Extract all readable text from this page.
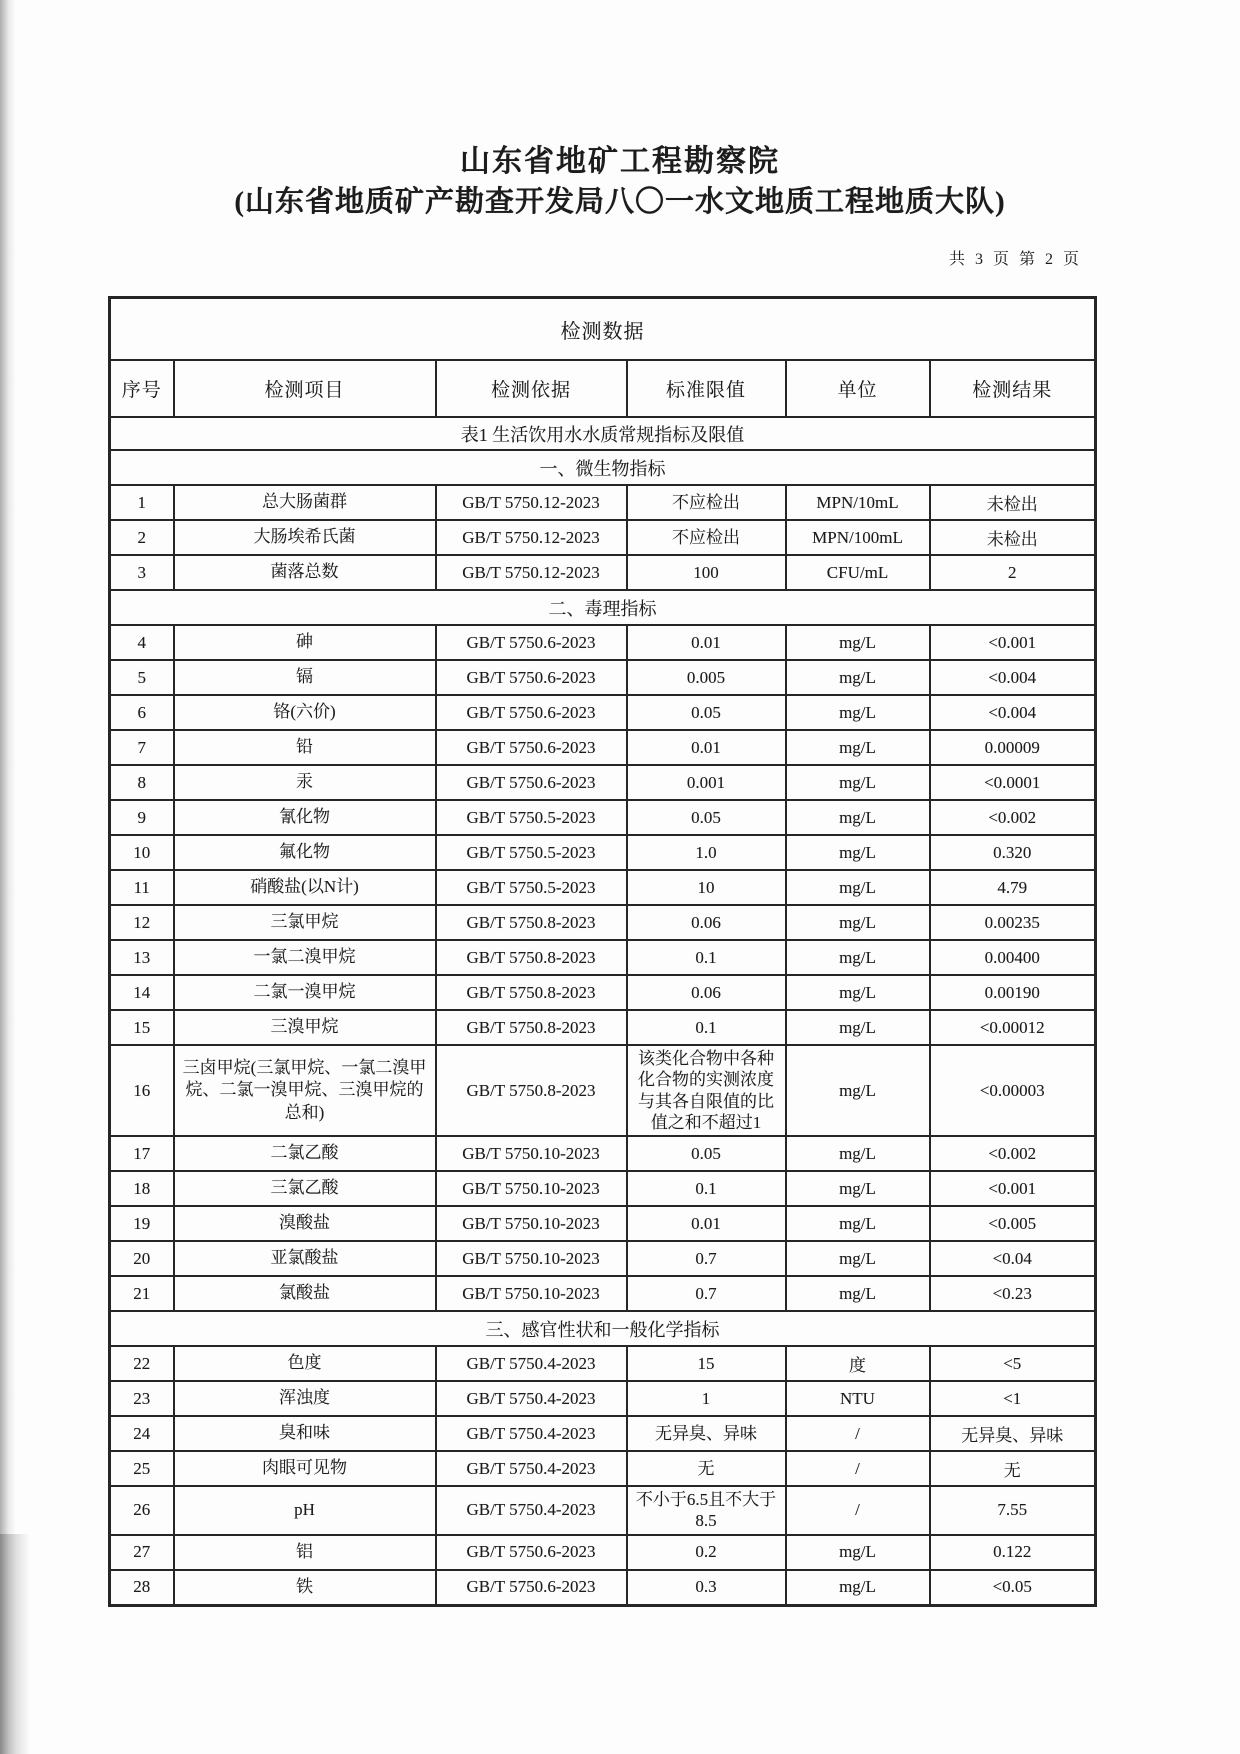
山东省地矿工程勘察院
(山东省地质矿产勘查开发局八〇一水文地质工程地质大队)
共 3 页 第 2 页
检测数据					
序号	检测项目	检测依据	标准限值	单位	检测结果
表1 生活饮用水水质常规指标及限值					
一、微生物指标					
1	总大肠菌群	GB/T 5750.12-2023	不应检出	MPN/10mL	未检出
2	大肠埃希氏菌	GB/T 5750.12-2023	不应检出	MPN/100mL	未检出
3	菌落总数	GB/T 5750.12-2023	100	CFU/mL	2
二、毒理指标					
4	砷	GB/T 5750.6-2023	0.01	mg/L	<0.001
5	镉	GB/T 5750.6-2023	0.005	mg/L	<0.004
6	铬(六价)	GB/T 5750.6-2023	0.05	mg/L	<0.004
7	铅	GB/T 5750.6-2023	0.01	mg/L	0.00009
8	汞	GB/T 5750.6-2023	0.001	mg/L	<0.0001
9	氰化物	GB/T 5750.5-2023	0.05	mg/L	<0.002
10	氟化物	GB/T 5750.5-2023	1.0	mg/L	0.320
11	硝酸盐(以N计)	GB/T 5750.5-2023	10	mg/L	4.79
12	三氯甲烷	GB/T 5750.8-2023	0.06	mg/L	0.00235
13	一氯二溴甲烷	GB/T 5750.8-2023	0.1	mg/L	0.00400
14	二氯一溴甲烷	GB/T 5750.8-2023	0.06	mg/L	0.00190
15	三溴甲烷	GB/T 5750.8-2023	0.1	mg/L	<0.00012
16	三卤甲烷(三氯甲烷、一氯二溴甲烷、二氯一溴甲烷、三溴甲烷的总和)	GB/T 5750.8-2023	该类化合物中各种化合物的实测浓度与其各自限值的比值之和不超过1	mg/L	<0.00003
17	二氯乙酸	GB/T 5750.10-2023	0.05	mg/L	<0.002
18	三氯乙酸	GB/T 5750.10-2023	0.1	mg/L	<0.001
19	溴酸盐	GB/T 5750.10-2023	0.01	mg/L	<0.005
20	亚氯酸盐	GB/T 5750.10-2023	0.7	mg/L	<0.04
21	氯酸盐	GB/T 5750.10-2023	0.7	mg/L	<0.23
三、感官性状和一般化学指标					
22	色度	GB/T 5750.4-2023	15	度	<5
23	浑浊度	GB/T 5750.4-2023	1	NTU	<1
24	臭和味	GB/T 5750.4-2023	无异臭、异味	/	无异臭、异味
25	肉眼可见物	GB/T 5750.4-2023	无	/	无
26	pH	GB/T 5750.4-2023	不小于6.5且不大于8.5	/	7.55
27	铝	GB/T 5750.6-2023	0.2	mg/L	0.122
28	铁	GB/T 5750.6-2023	0.3	mg/L	<0.05
